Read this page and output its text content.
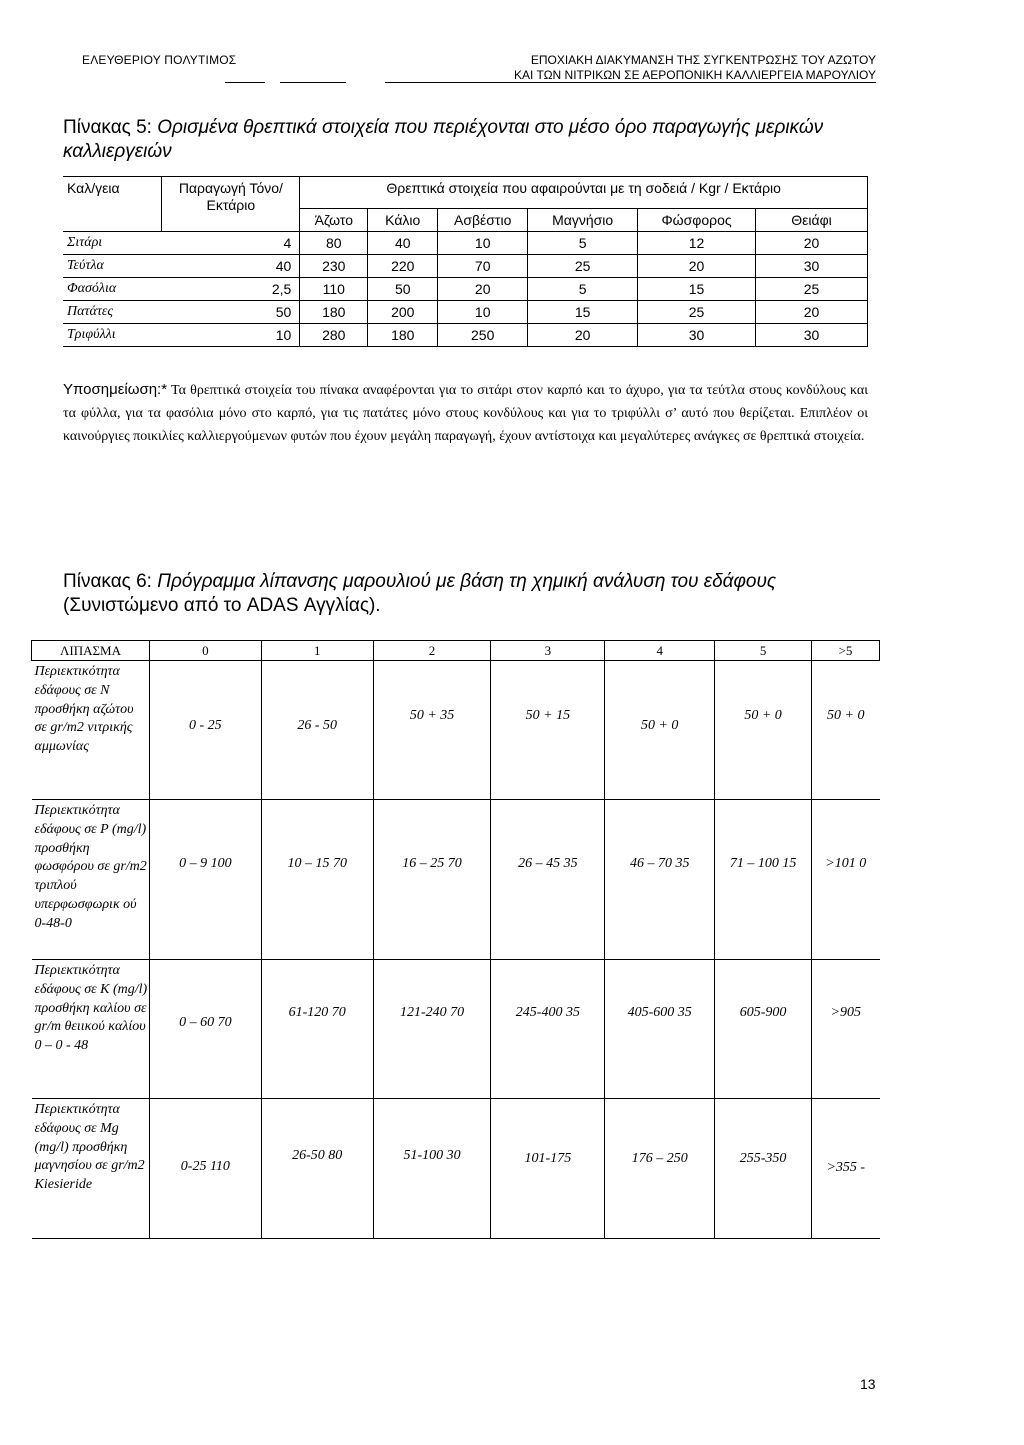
ΕΛΕΥΘΕΡΙΟΥ ΠΟΛΥΤΙΜΟΣ	ΕΠΟΧΙΑΚΗ ΔΙΑΚΥΜΑΝΣΗ ΤΗΣ ΣΥΓΚΕΝΤΡΩΣΗΣ ΤΟΥ ΑΖΩΤΟΥ
ΚΑΙ ΤΩΝ ΝΙΤΡΙΚΩΝ ΣΕ ΑΕΡΟΠΟΝΙΚΗ ΚΑΛΛΙΕΡΓΕΙΑ ΜΑΡΟΥΛΙΟΥ
Πίνακας 5: Ορισμένα θρεπτικά στοιχεία που περιέχονται στο μέσο όρο παραγωγής μερικών καλλιεργειών
Καλ/γεια	Παραγωγή Τόνο/ Εκτάριο	Θρεπτικά στοιχεία που αφαιρούνται με τη σοδειά / Kgr / Εκτάριο					
		Άζωτο	Κάλιο	Ασβέστιο	Μαγνήσιο	Φώσφορος	Θειάφι
Σιτάρι	4	80	40	10	5	12	20
Τεύτλα	40	230	220	70	25	20	30
Φασόλια	2,5	110	50	20	5	15	25
Πατάτες	50	180	200	10	15	25	20
Τριφύλλι	10	280	180	250	20	30	30
Υποσημείωση:* Τα θρεπτικά στοιχεία του πίνακα αναφέρονται για το σιτάρι στον καρπό και το άχυρο, για τα τεύτλα στους κονδύλους και τα φύλλα, για τα φασόλια μόνο στο καρπό, για τις πατάτες μόνο στους κονδύλους και για το τριφύλλι σ’ αυτό που θερίζεται. Επιπλέον οι καινούργιες ποικιλίες καλλιεργούμενων φυτών που έχουν μεγάλη παραγωγή, έχουν αντίστοιχα και μεγαλύτερες ανάγκες σε θρεπτικά στοιχεία.
Πίνακας 6: Πρόγραμμα λίπανσης μαρουλιού με βάση τη χημική ανάλυση του εδάφους
(Συνιστώμενο από το ADAS Αγγλίας).
ΛΙΠΑΣΜΑ	0	1	2	3	4	5	>5
Περιεκτικότητα εδάφους σε Ν προσθήκη αζώτου σε gr/m2 νιτρικής αμμωνίας	0 - 25	26 - 50	50 + 35	50 + 15	50 + 0	50 + 0	50 + 0
Περιεκτικότητα εδάφους σε P (mg/l) προσθήκη φωσφόρου σε gr/m2 τριπλού υπερφωσφωρικ ού 0-48-0	0 – 9 100	10 – 15 70	16 – 25 70	26 – 45 35	46 – 70 35	71 – 100 15	>101 0
Περιεκτικότητα εδάφους σε Κ (mg/l) προσθήκη καλίου σε gr/m θειικού καλίου 0 – 0 - 48	0 – 60 70	61-120 70	121-240 70	245-400 35	405-600 35	605-900	>905
Περιεκτικότητα εδάφους σε Mg (mg/l) προσθήκη μαγνησίου σε gr/m2 Kiesieride	0-25 110	26-50 80	51-100 30	101-175	176 – 250	255-350	>355 -
13
